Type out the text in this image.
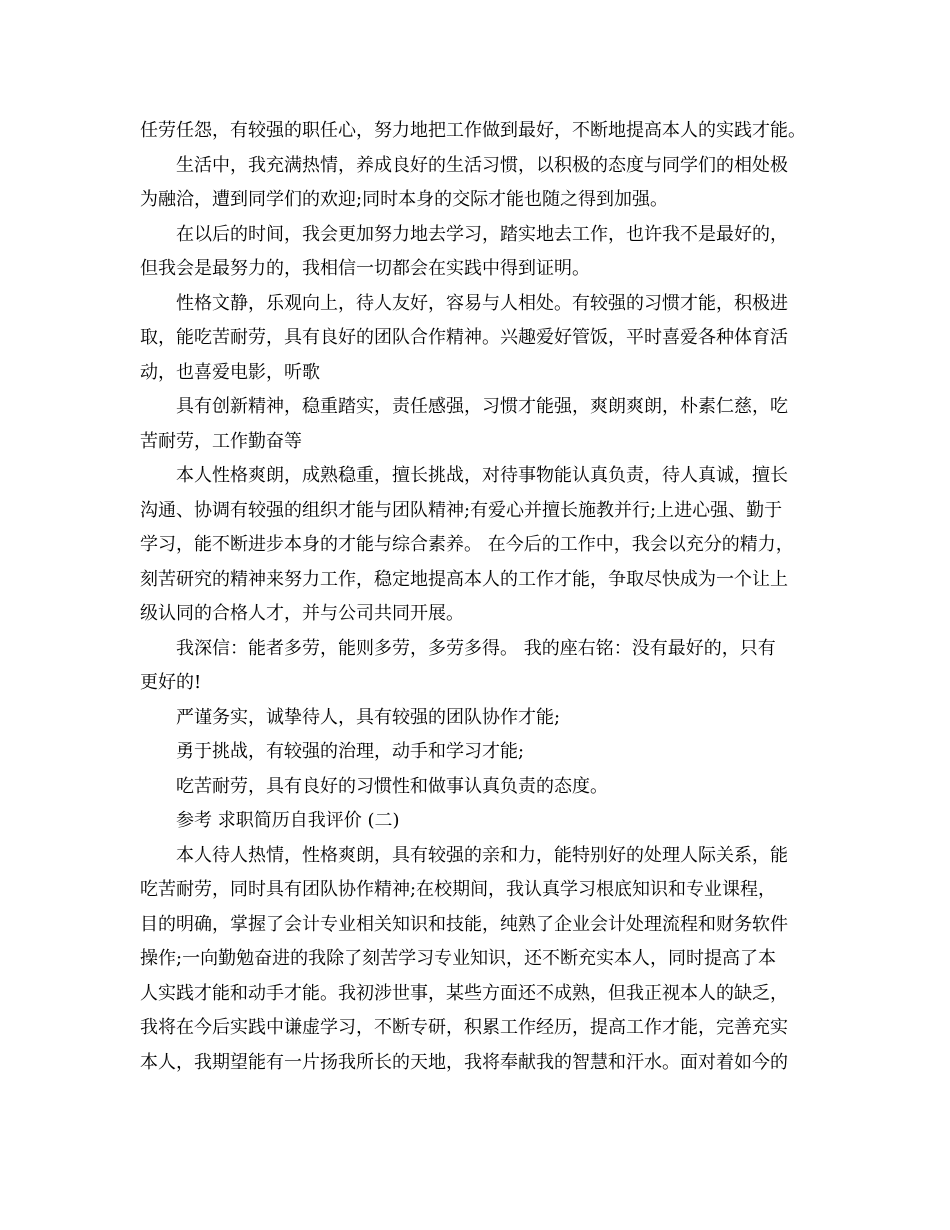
任劳任怨，有较强的职任心，努力地把工作做到最好，不断地提高本人的实践才能。
生活中，我充满热情，养成良好的生活习惯，以积极的态度与同学们的相处极
为融洽，遭到同学们的欢迎;同时本身的交际才能也随之得到加强。
在以后的时间，我会更加努力地去学习，踏实地去工作，也许我不是最好的，
但我会是最努力的，我相信一切都会在实践中得到证明。
性格文静，乐观向上，待人友好，容易与人相处。有较强的习惯才能，积极进
取，能吃苦耐劳，具有良好的团队合作精神。兴趣爱好管饭，平时喜爱各种体育活
动，也喜爱电影，听歌
具有创新精神，稳重踏实，责任感强，习惯才能强，爽朗爽朗，朴素仁慈，吃
苦耐劳，工作勤奋等
本人性格爽朗，成熟稳重，擅长挑战，对待事物能认真负责，待人真诚，擅长
沟通、协调有较强的组织才能与团队精神;有爱心并擅长施教并行;上进心强、勤于
学习，能不断进步本身的才能与综合素养。 在今后的工作中，我会以充分的精力，
刻苦研究的精神来努力工作，稳定地提高本人的工作才能，争取尽快成为一个让上
级认同的合格人才，并与公司共同开展。
我深信：能者多劳，能则多劳，多劳多得。 我的座右铭：没有最好的，只有
更好的!
严谨务实，诚挚待人，具有较强的团队协作才能;
勇于挑战，有较强的治理，动手和学习才能;
吃苦耐劳，具有良好的习惯性和做事认真负责的态度。
参考 求职简历自我评价 (二)
本人待人热情，性格爽朗，具有较强的亲和力，能特别好的处理人际关系，能
吃苦耐劳，同时具有团队协作精神;在校期间，我认真学习根底知识和专业课程，
目的明确，掌握了会计专业相关知识和技能，纯熟了企业会计处理流程和财务软件
操作;一向勤勉奋进的我除了刻苦学习专业知识，还不断充实本人，同时提高了本
人实践才能和动手才能。我初涉世事，某些方面还不成熟，但我正视本人的缺乏，
我将在今后实践中谦虚学习，不断专研，积累工作经历，提高工作才能，完善充实
本人，我期望能有一片扬我所长的天地，我将奉献我的智慧和汗水。面对着如今的
